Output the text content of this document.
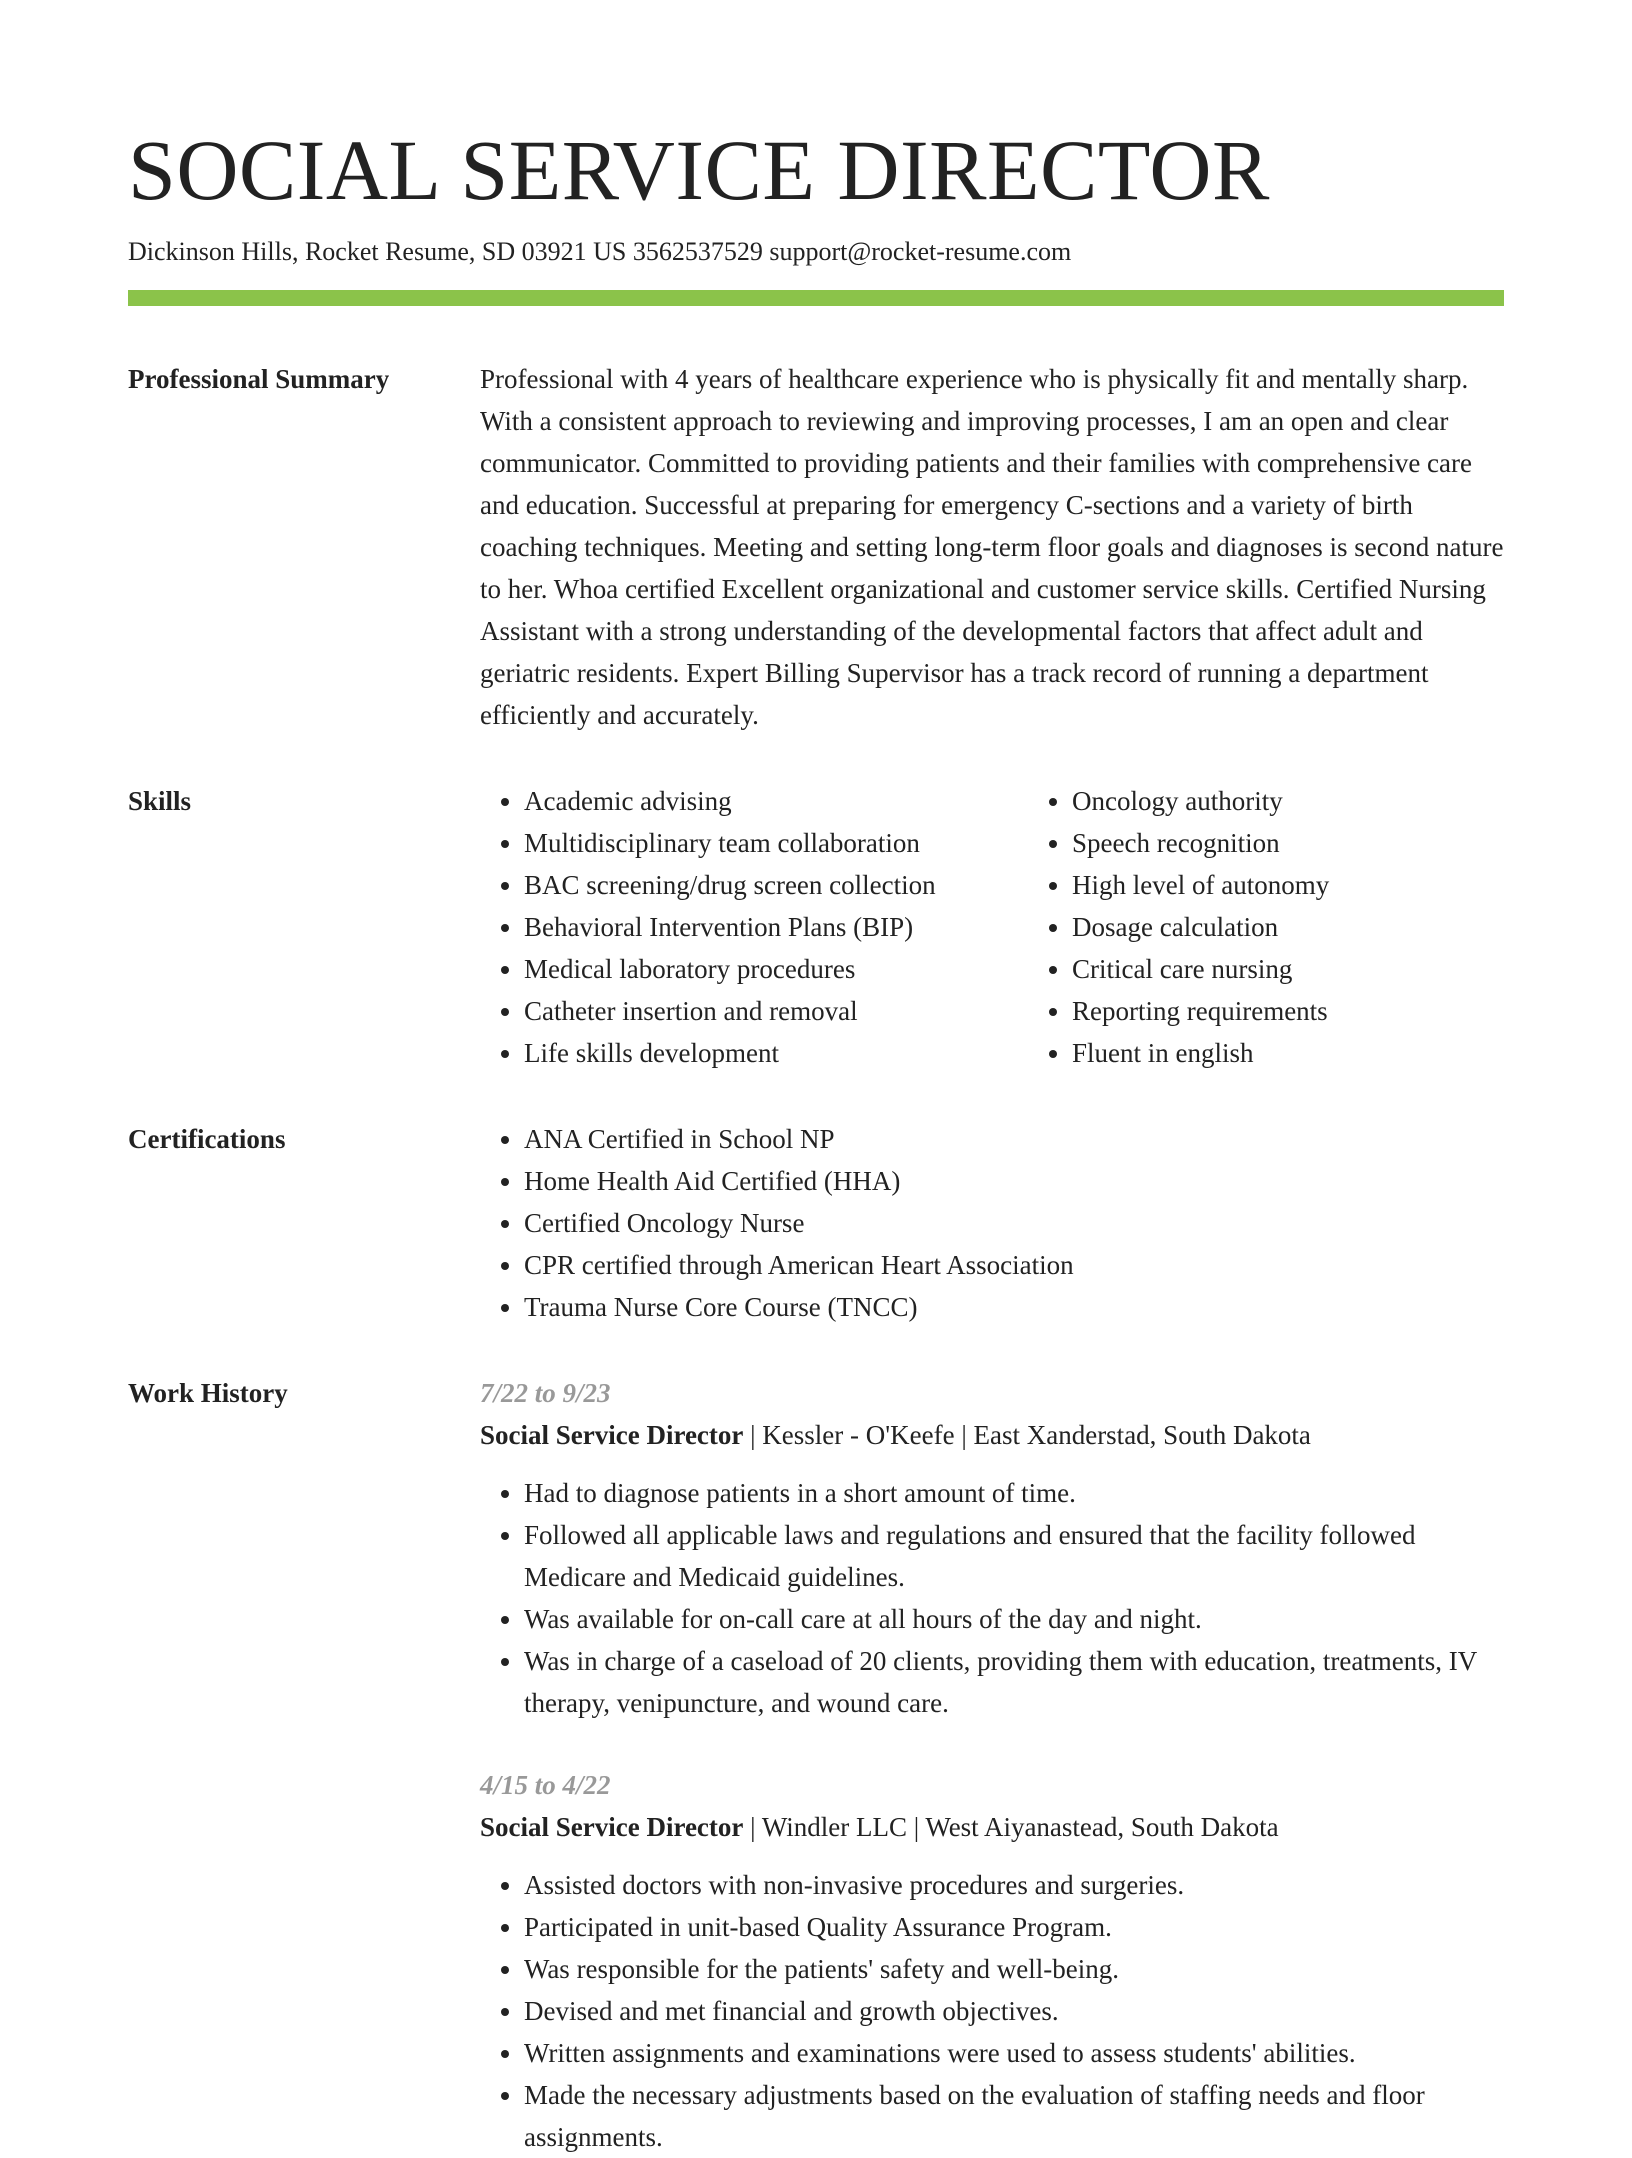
SOCIAL SERVICE DIRECTOR
Dickinson Hills, Rocket Resume, SD 03921 US 3562537529 support@rocket-resume.com
Professional Summary	Professional with 4 years of healthcare experience who is physically fit and mentally sharp. With a consistent approach to reviewing and improving processes, I am an open and clear communicator. Committed to providing patients and their families with comprehensive care and education. Successful at preparing for emergency C-sections and a variety of birth coaching techniques. Meeting and setting long-term floor goals and diagnoses is second nature to her. Whoa certified Excellent organizational and customer service skills. Certified Nursing Assistant with a strong understanding of the developmental factors that affect adult and geriatric residents. Expert Billing Supervisor has a track record of running a department efficiently and accurately.

Skills	• Academic advising
• Multidisciplinary team collaboration
• BAC screening/drug screen collection
• Behavioral Intervention Plans (BIP)
• Medical laboratory procedures
• Catheter insertion and removal
• Life skills development
• Oncology authority
• Speech recognition
• High level of autonomy
• Dosage calculation
• Critical care nursing
• Reporting requirements
• Fluent in english
Certifications	• ANA Certified in School NP
• Home Health Aid Certified (HHA)
• Certified Oncology Nurse
• CPR certified through American Heart Association
• Trauma Nurse Core Course (TNCC)
Work History	7/22 to 9/23
Social Service Director | Kessler - O'Keefe | East Xanderstad, South Dakota
• Had to diagnose patients in a short amount of time.
• Followed all applicable laws and regulations and ensured that the facility followed Medicare and Medicaid guidelines.
• Was available for on-call care at all hours of the day and night.
• Was in charge of a caseload of 20 clients, providing them with education, treatments, IV therapy, venipuncture, and wound care.
4/15 to 4/22
Social Service Director | Windler LLC | West Aiyanastead, South Dakota
• Assisted doctors with non-invasive procedures and surgeries.
• Participated in unit-based Quality Assurance Program.
• Was responsible for the patients' safety and well-being.
• Devised and met financial and growth objectives.
• Written assignments and examinations were used to assess students' abilities.
• Made the necessary adjustments based on the evaluation of staffing needs and floor assignments.
